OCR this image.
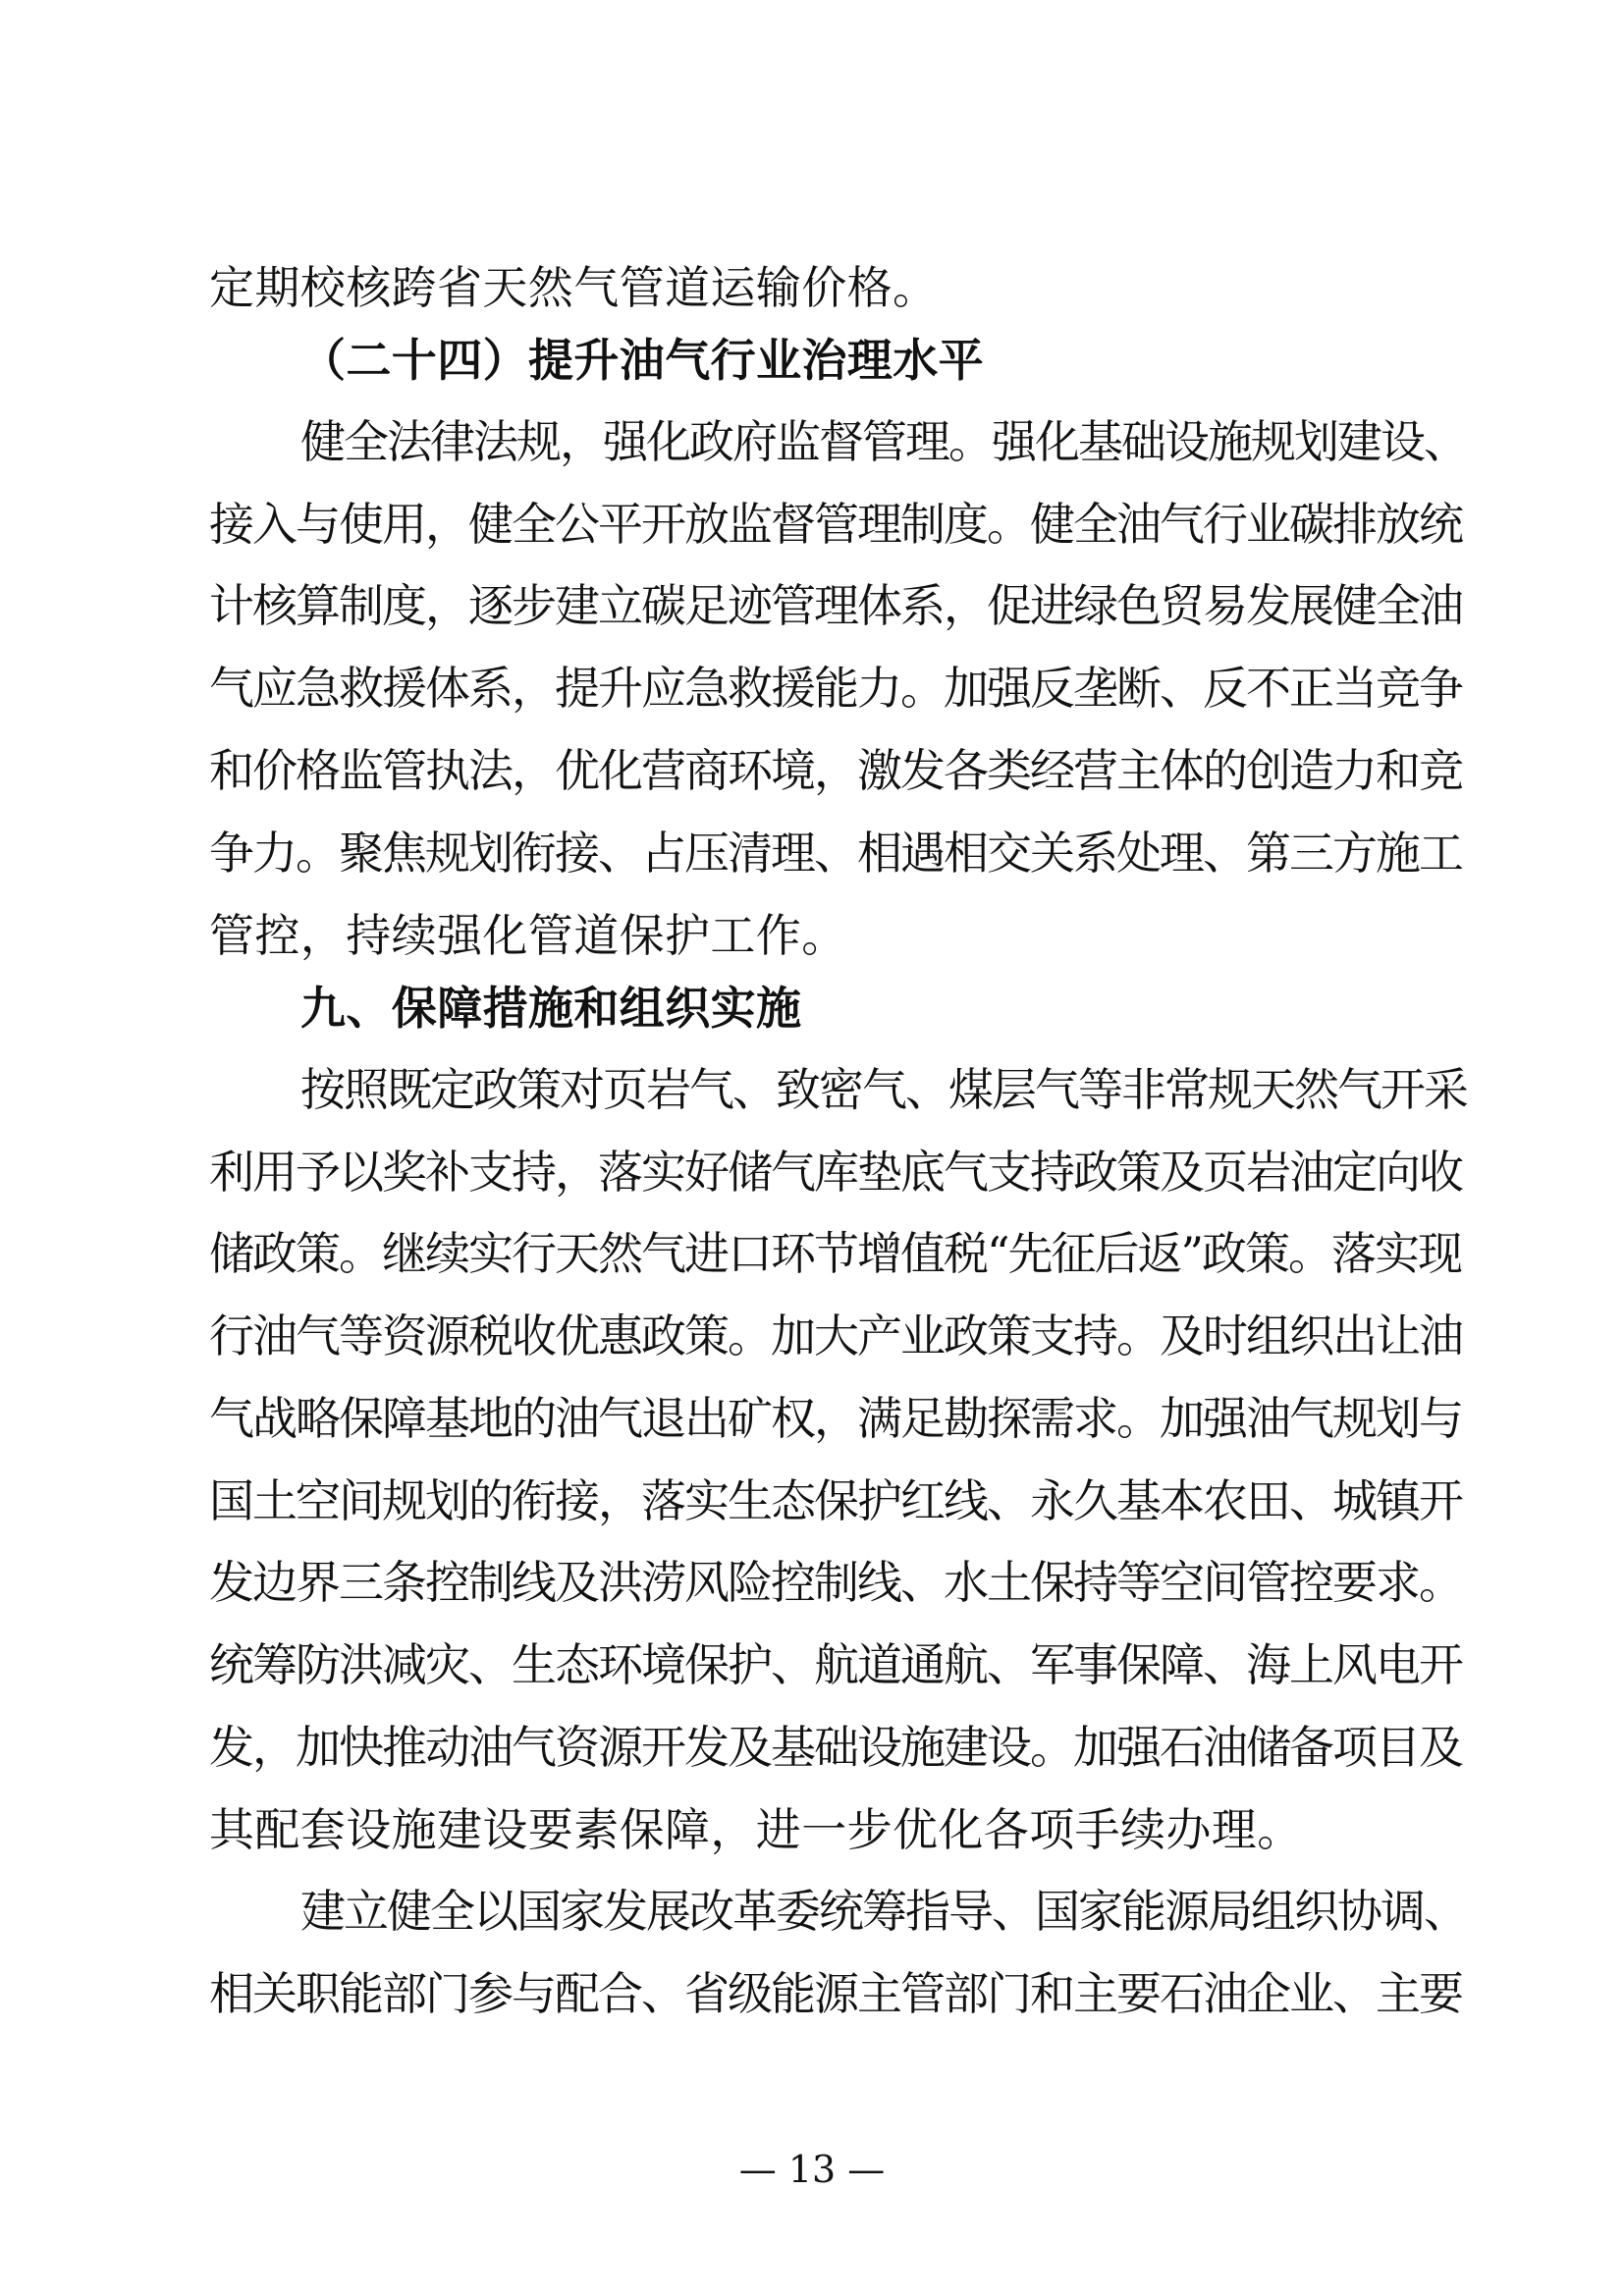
定期校核跨省天然气管道运输价格。
（二十四）提升油气行业治理水平
健全法律法规，强化政府监督管理。强化基础设施规划建设、
接入与使用，健全公平开放监督管理制度。健全油气行业碳排放统
计核算制度，逐步建立碳足迹管理体系，促进绿色贸易发展健全油
气应急救援体系，提升应急救援能力。加强反垄断、反不正当竞争
和价格监管执法，优化营商环境，激发各类经营主体的创造力和竞
争力。聚焦规划衔接、占压清理、相遇相交关系处理、第三方施工
管控，持续强化管道保护工作。
九、保障措施和组织实施
按照既定政策对页岩气、致密气、煤层气等非常规天然气开采
利用予以奖补支持，落实好储气库垫底气支持政策及页岩油定向收
储政策。继续实行天然气进口环节增值税“先征后返”政策。落实现
行油气等资源税收优惠政策。加大产业政策支持。及时组织出让油
气战略保障基地的油气退出矿权，满足勘探需求。加强油气规划与
国土空间规划的衔接，落实生态保护红线、永久基本农田、城镇开
发边界三条控制线及洪涝风险控制线、水土保持等空间管控要求。
统筹防洪减灾、生态环境保护、航道通航、军事保障、海上风电开
发，加快推动油气资源开发及基础设施建设。加强石油储备项目及
其配套设施建设要素保障，进一步优化各项手续办理。
建立健全以国家发展改革委统筹指导、国家能源局组织协调、
相关职能部门参与配合、省级能源主管部门和主要石油企业、主要
— 13 —
